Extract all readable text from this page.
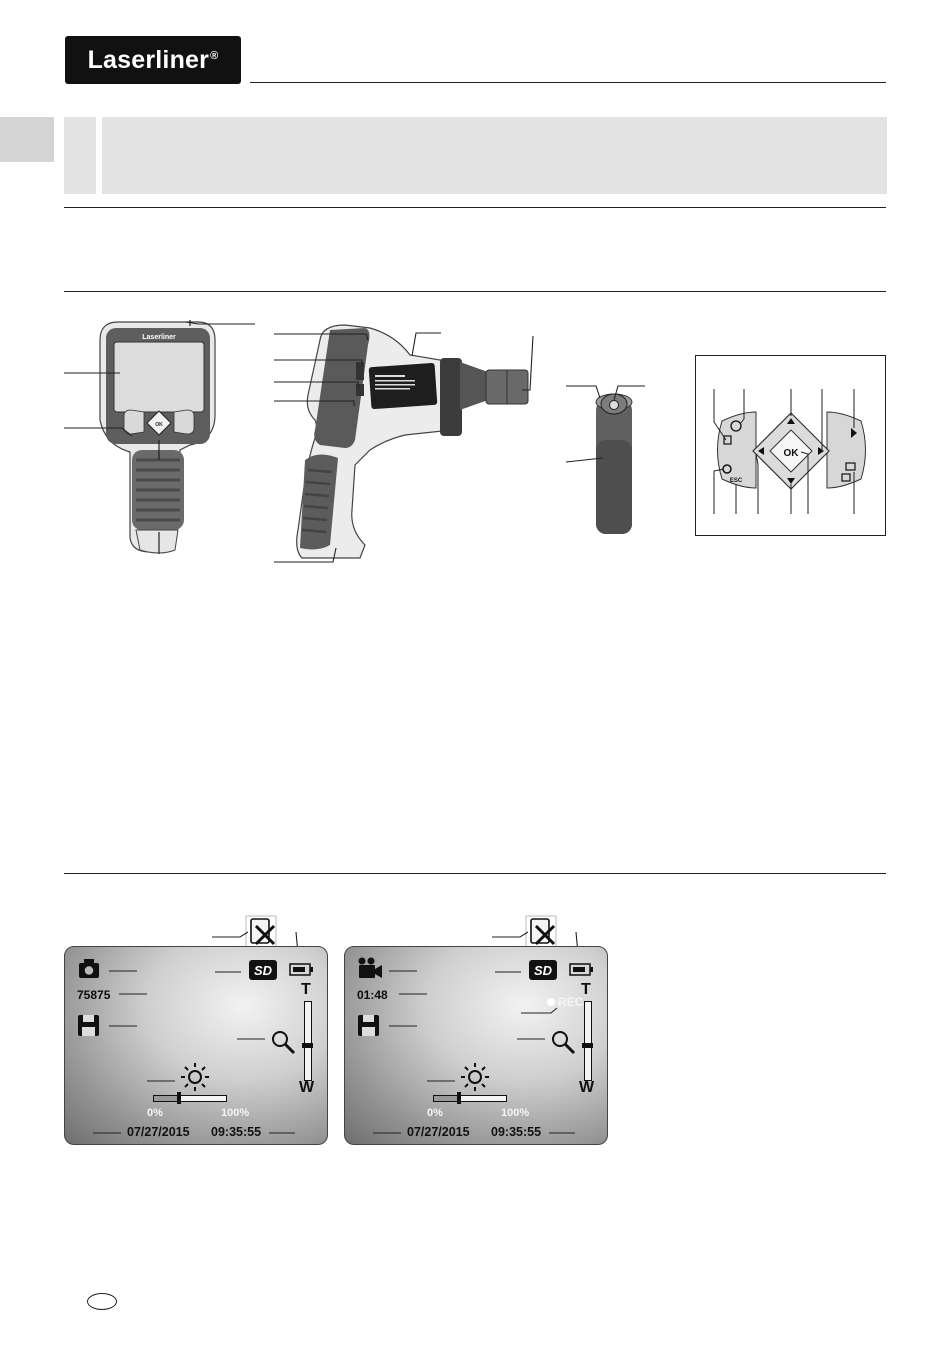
Laserliner®
Laserliner
OK
OK
ESC
SD
75875	T
W
0%	100%
07/27/2015 09:35:55
SD
01:48	REC
T
W
0%	100%
07/27/2015 09:35:55
